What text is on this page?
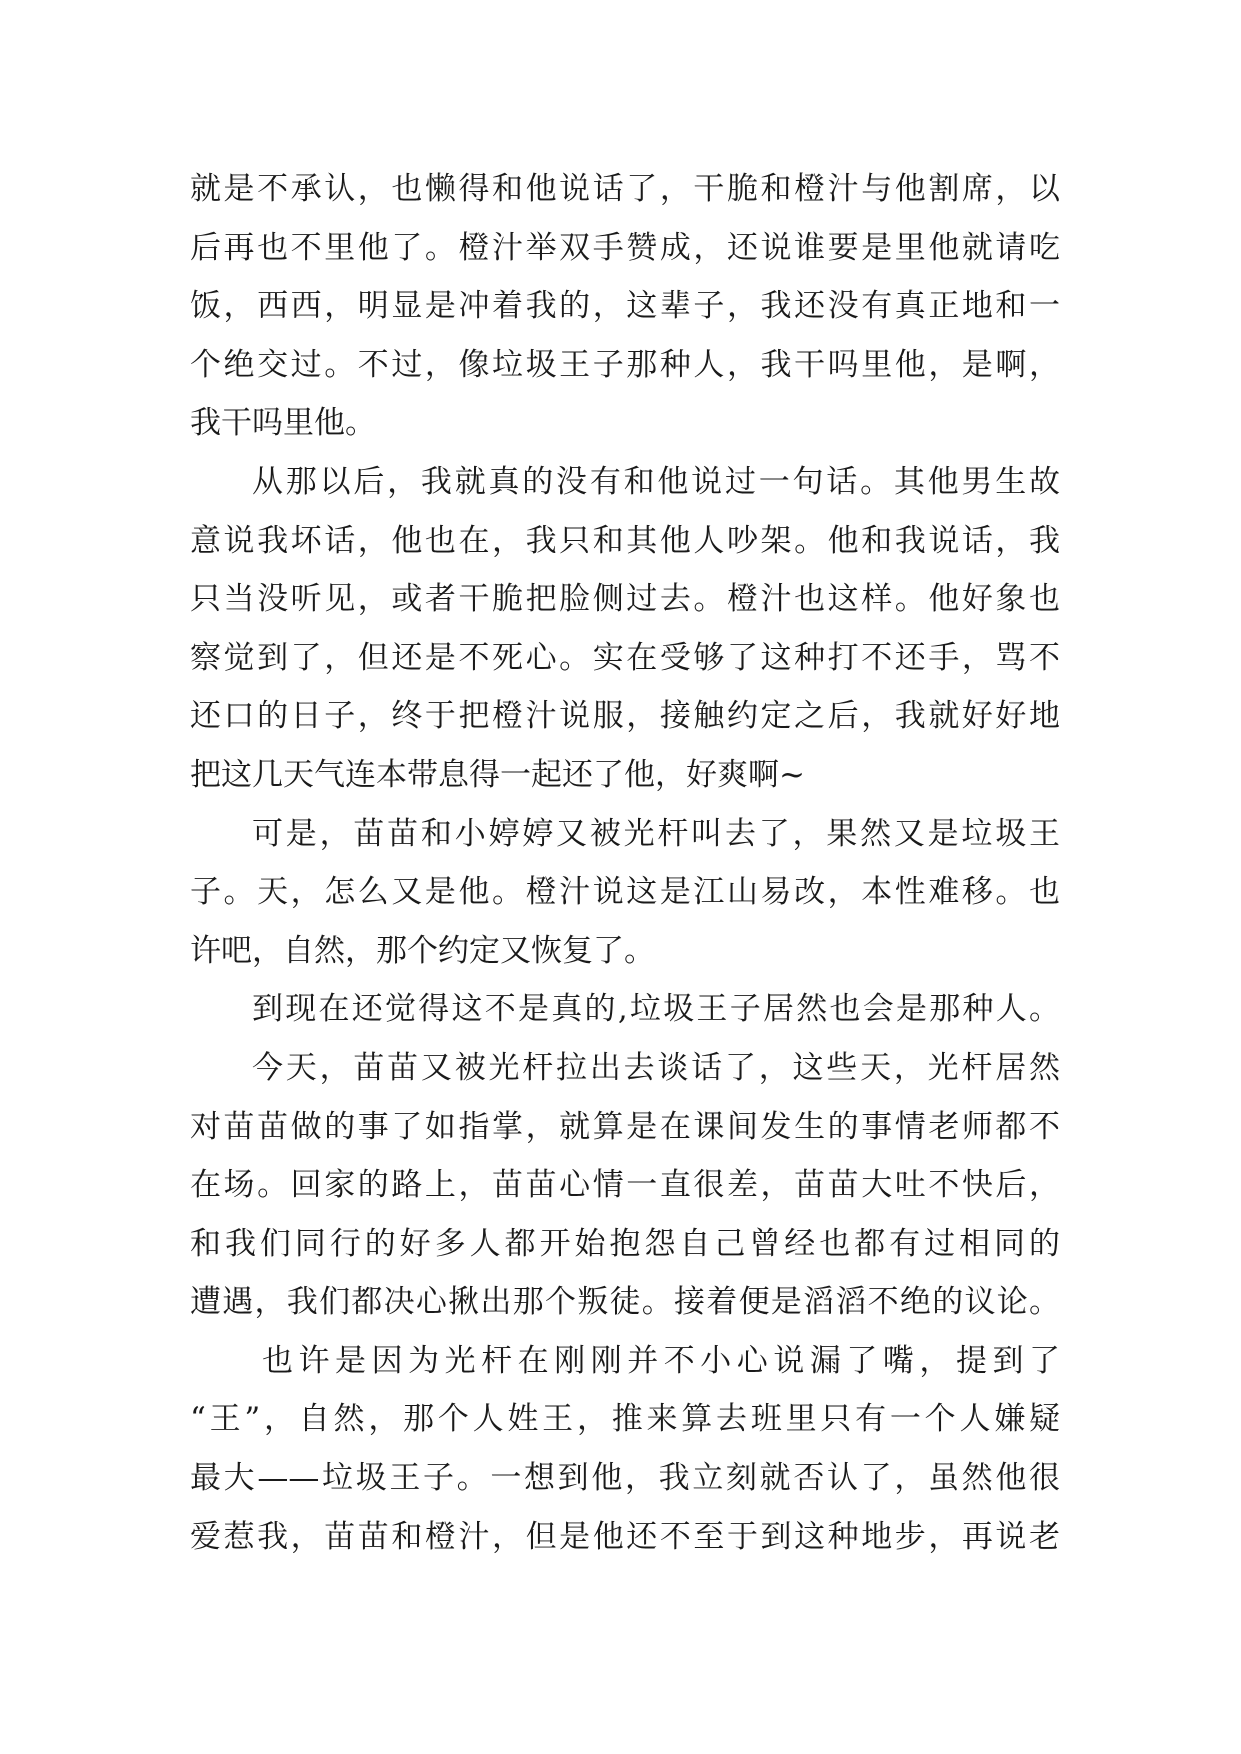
就是不承认，也懒得和他说话了，干脆和橙汁与他割席，以
后再也不里他了。橙汁举双手赞成，还说谁要是里他就请吃
饭，西西，明显是冲着我的，这辈子，我还没有真正地和一
个绝交过。不过，像垃圾王子那种人，我干吗里他，是啊，
我干吗里他。
从那以后，我就真的没有和他说过一句话。其他男生故
意说我坏话，他也在，我只和其他人吵架。他和我说话，我
只当没听见，或者干脆把脸侧过去。橙汁也这样。他好象也
察觉到了，但还是不死心。实在受够了这种打不还手，骂不
还口的日子，终于把橙汁说服，接触约定之后，我就好好地
把这几天气连本带息得一起还了他，好爽啊~
可是，苗苗和小婷婷又被光杆叫去了，果然又是垃圾王
子。天，怎么又是他。橙汁说这是江山易改，本性难移。也
许吧，自然，那个约定又恢复了。
到现在还觉得这不是真的,垃圾王子居然也会是那种人。
今天，苗苗又被光杆拉出去谈话了，这些天，光杆居然
对苗苗做的事了如指掌，就算是在课间发生的事情老师都不
在场。回家的路上，苗苗心情一直很差，苗苗大吐不快后，
和我们同行的好多人都开始抱怨自己曾经也都有过相同的
遭遇，我们都决心揪出那个叛徒。接着便是滔滔不绝的议论。
也许是因为光杆在刚刚并不小心说漏了嘴，提到了
“王”，自然，那个人姓王，推来算去班里只有一个人嫌疑
最大——垃圾王子。一想到他，我立刻就否认了，虽然他很
爱惹我，苗苗和橙汁，但是他还不至于到这种地步，再说老
